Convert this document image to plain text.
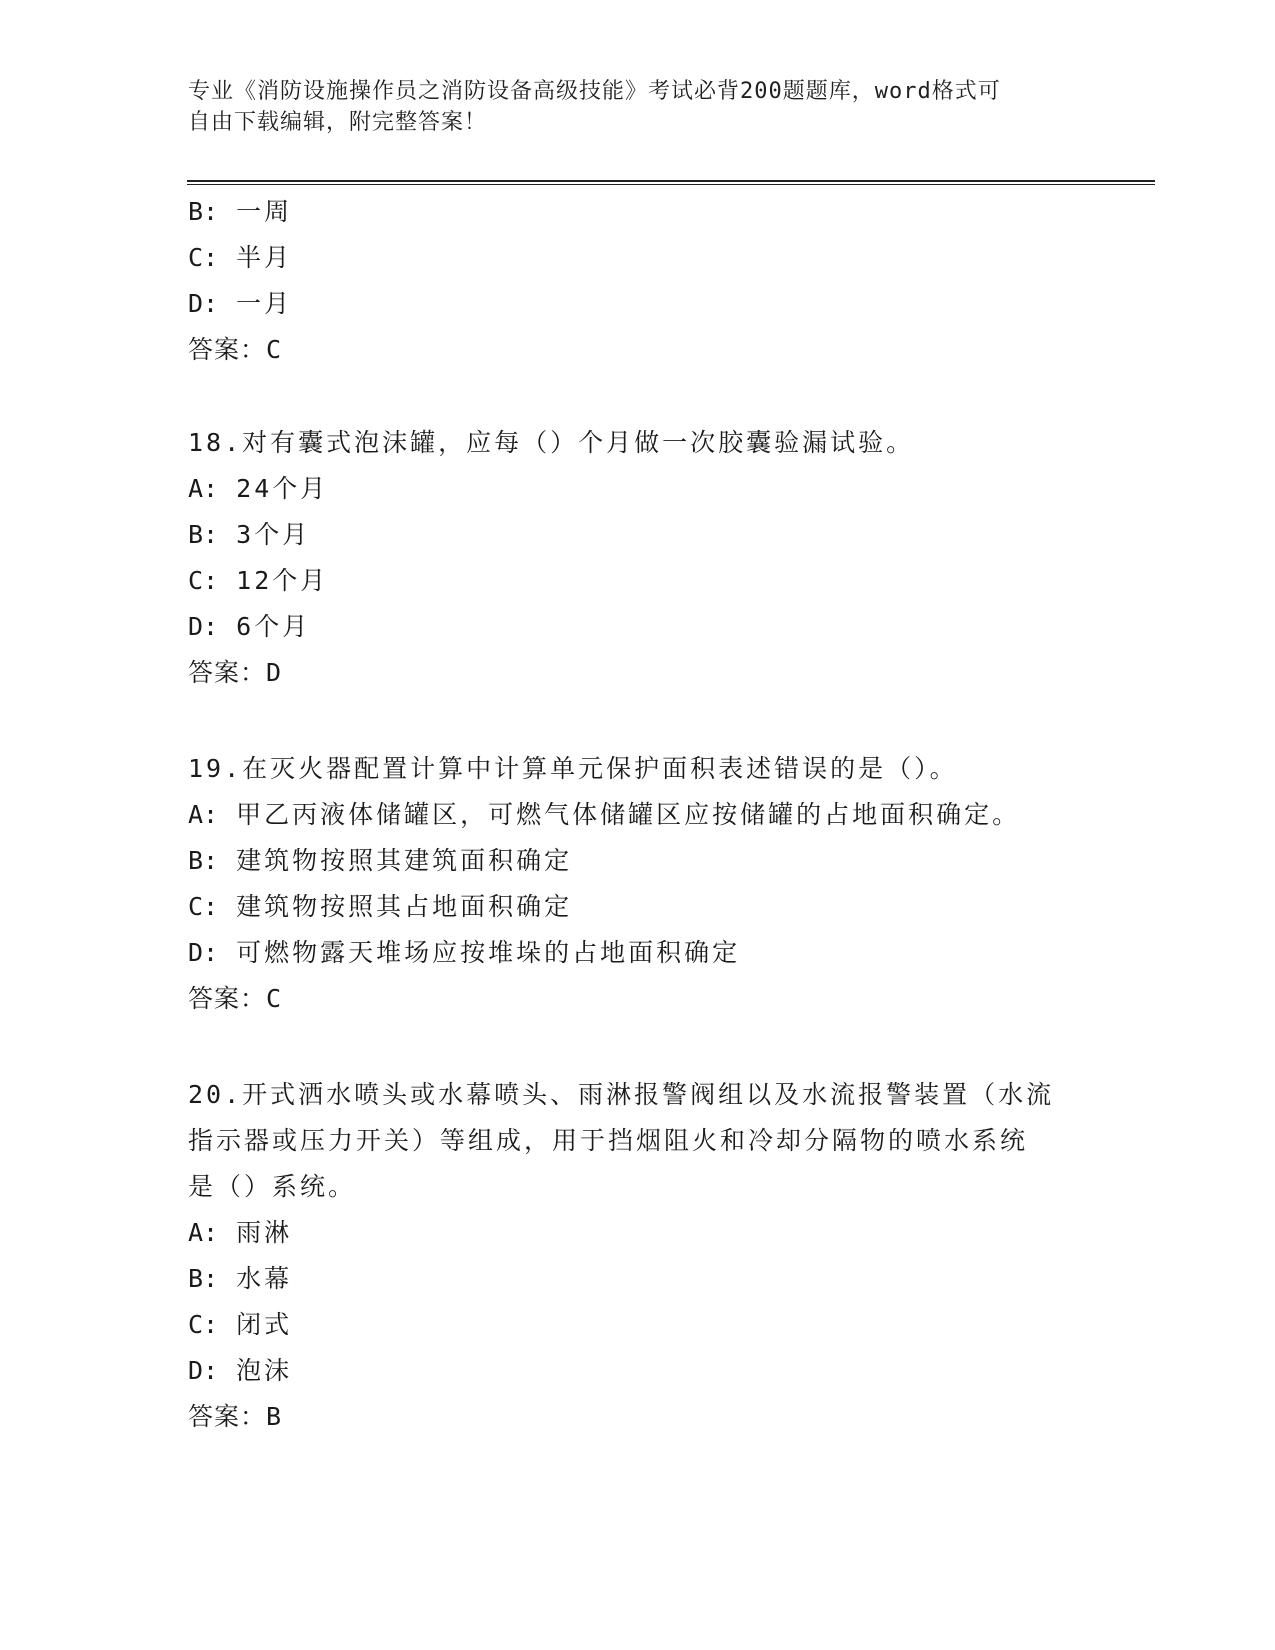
专业《消防设施操作员之消防设备高级技能》考试必背200题题库，word格式可
自由下载编辑，附完整答案！
B: 一周
C: 半月
D: 一月
答案：C
18.对有囊式泡沫罐，应每（）个月做一次胶囊验漏试验。
A: 24个月
B: 3个月
C: 12个月
D: 6个月
答案：D
19.在灭火器配置计算中计算单元保护面积表述错误的是（）。
A: 甲乙丙液体储罐区，可燃气体储罐区应按储罐的占地面积确定。
B: 建筑物按照其建筑面积确定
C: 建筑物按照其占地面积确定
D: 可燃物露天堆场应按堆垛的占地面积确定
答案：C
20.开式洒水喷头或水幕喷头、雨淋报警阀组以及水流报警装置（水流
指示器或压力开关）等组成，用于挡烟阻火和冷却分隔物的喷水系统
是（）系统。
A: 雨淋
B: 水幕
C: 闭式
D: 泡沫
答案：B
